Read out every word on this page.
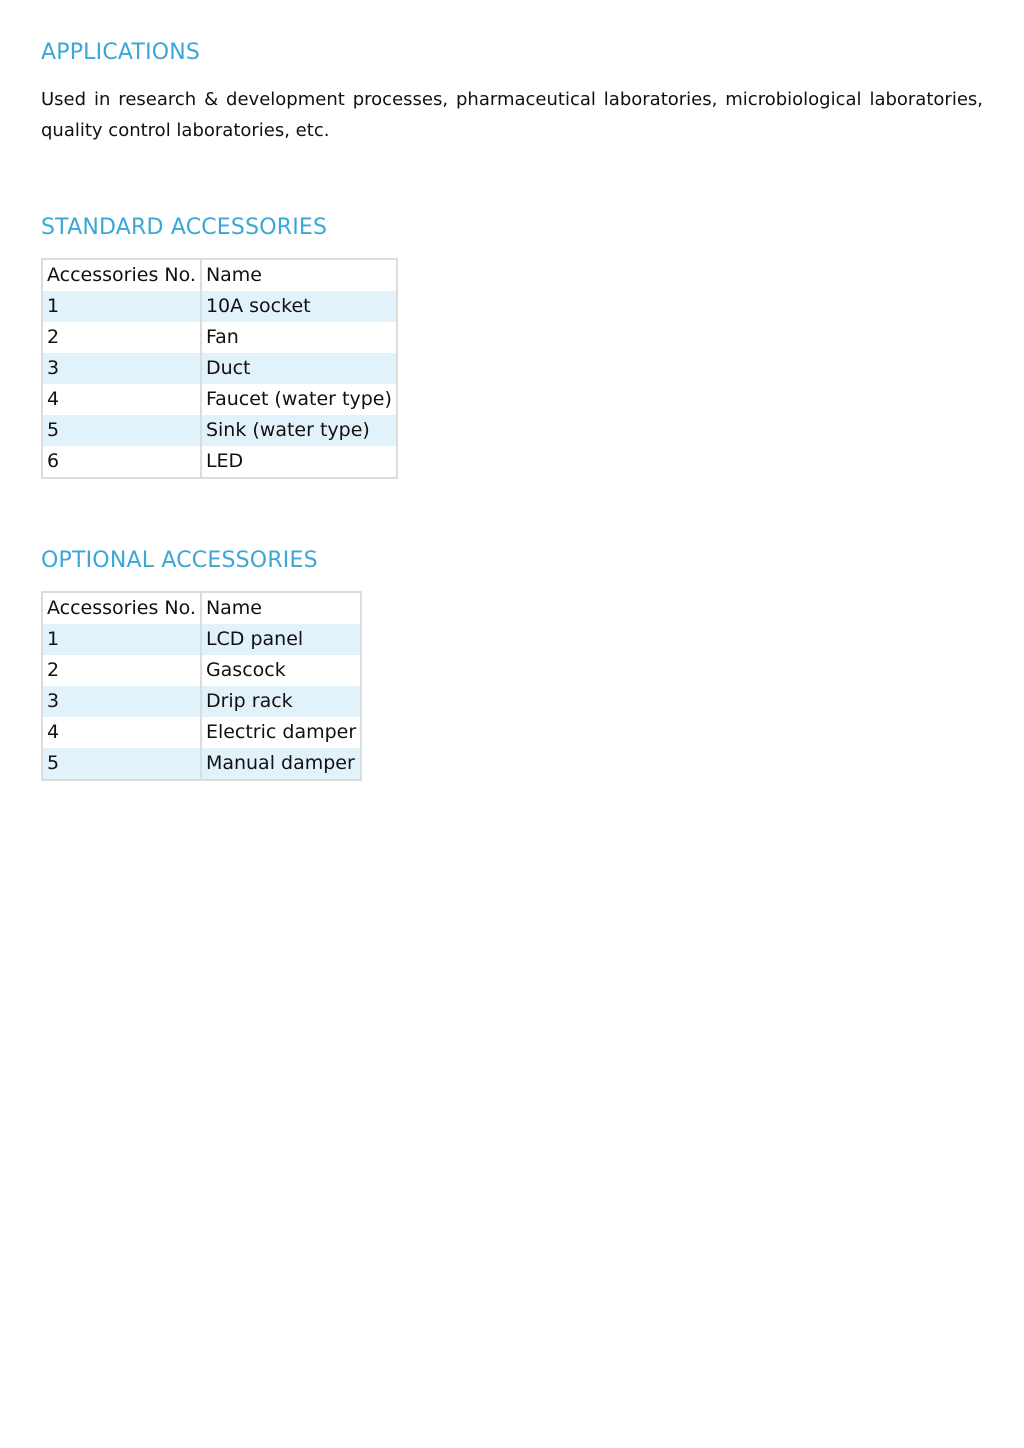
APPLICATIONS

Used in research & development processes, pharmaceutical laboratories, microbiological laboratories, quality control laboratories, etc.

STANDARD ACCESSORIES
Accessories No.	Name
1	10A socket
2	Fan
3	Duct
4	Faucet (water type)
5	Sink (water type)
6	LED
OPTIONAL ACCESSORIES
Accessories No.	Name
1	LCD panel
2	Gascock
3	Drip rack
4	Electric damper
5	Manual damper
